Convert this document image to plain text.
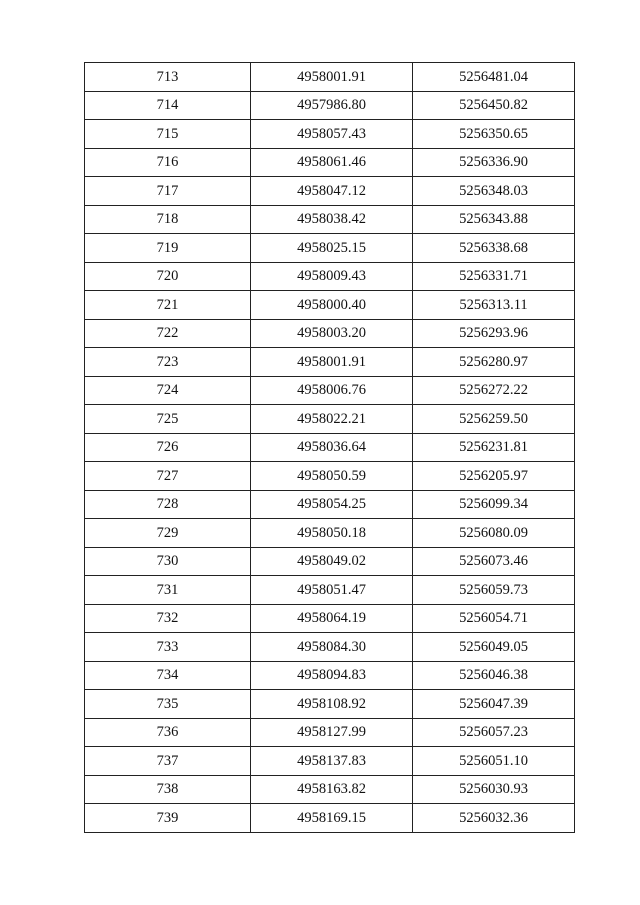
713	4958001.91	5256481.04
714	4957986.80	5256450.82
715	4958057.43	5256350.65
716	4958061.46	5256336.90
717	4958047.12	5256348.03
718	4958038.42	5256343.88
719	4958025.15	5256338.68
720	4958009.43	5256331.71
721	4958000.40	5256313.11
722	4958003.20	5256293.96
723	4958001.91	5256280.97
724	4958006.76	5256272.22
725	4958022.21	5256259.50
726	4958036.64	5256231.81
727	4958050.59	5256205.97
728	4958054.25	5256099.34
729	4958050.18	5256080.09
730	4958049.02	5256073.46
731	4958051.47	5256059.73
732	4958064.19	5256054.71
733	4958084.30	5256049.05
734	4958094.83	5256046.38
735	4958108.92	5256047.39
736	4958127.99	5256057.23
737	4958137.83	5256051.10
738	4958163.82	5256030.93
739	4958169.15	5256032.36
